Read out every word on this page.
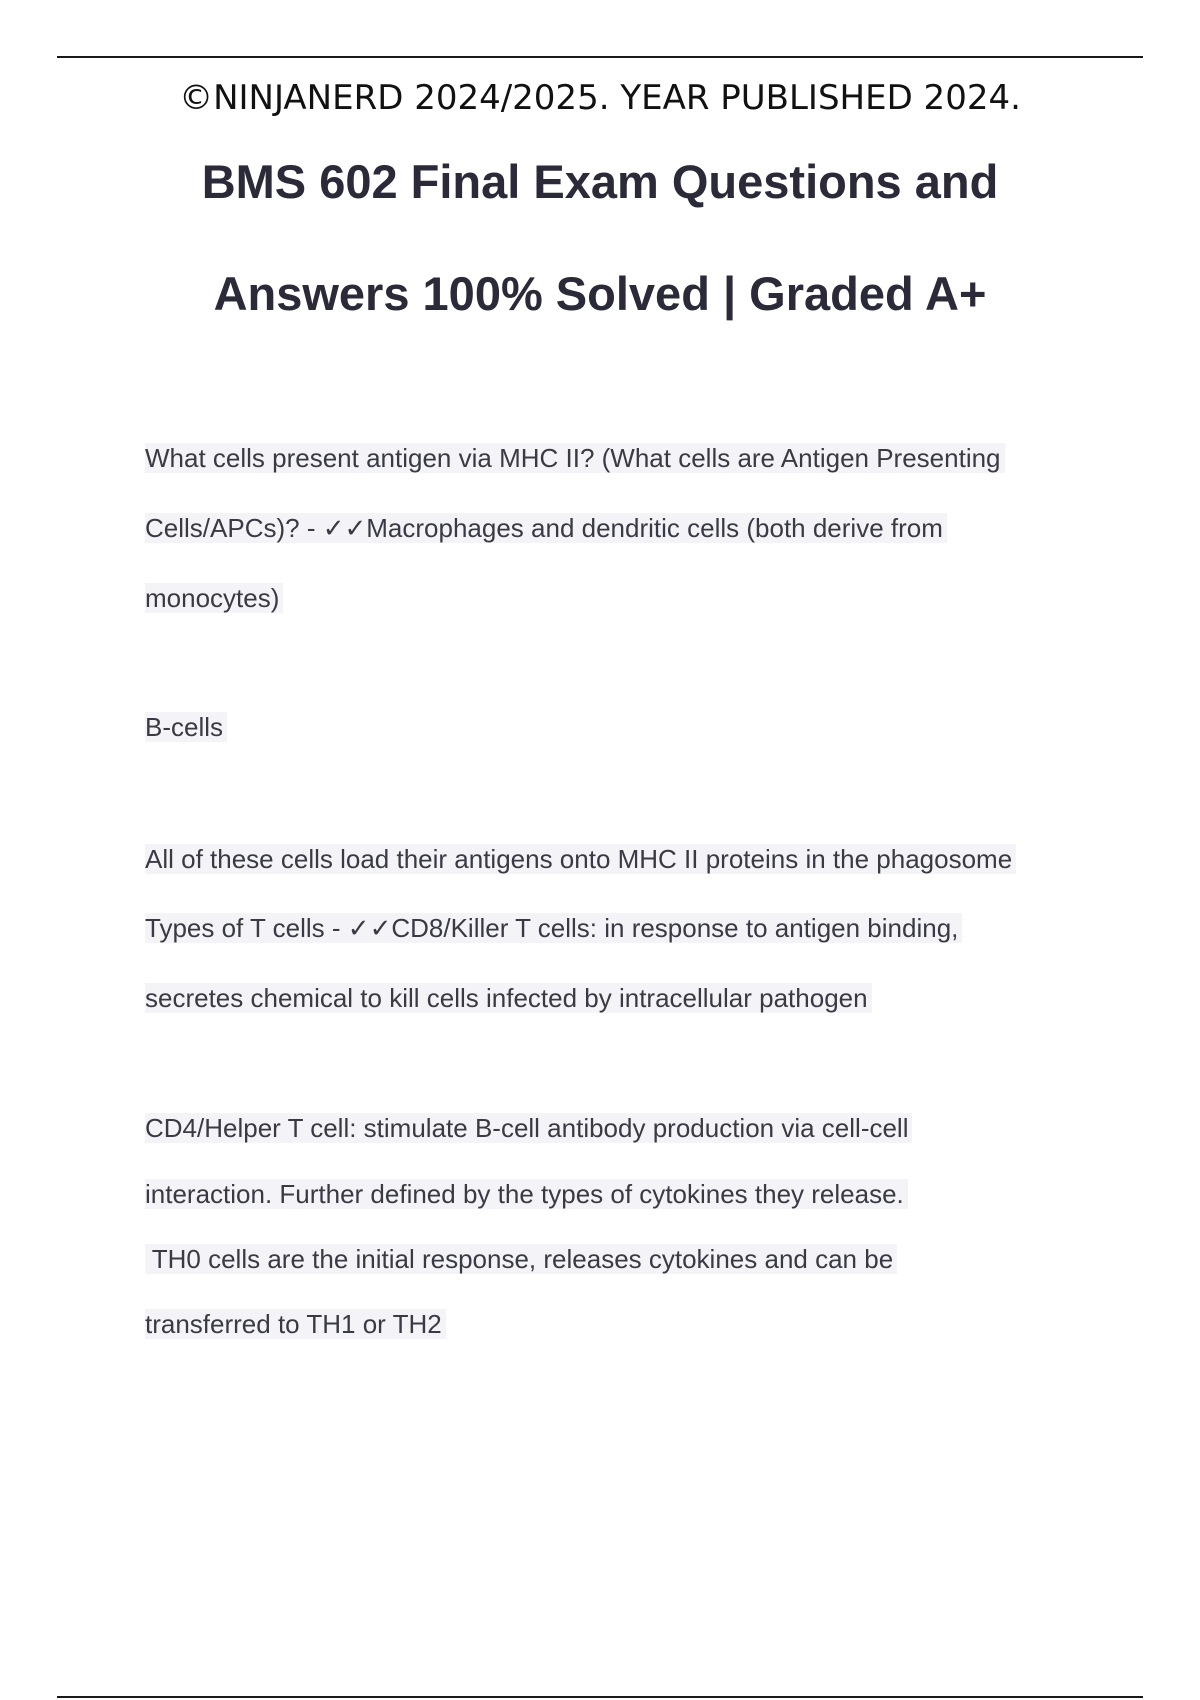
©NINJANERD 2024/2025. YEAR PUBLISHED 2024.
BMS 602 Final Exam Questions and
Answers 100% Solved | Graded A+
What cells present antigen via MHC II? (What cells are Antigen Presenting
Cells/APCs)? - ✓✓Macrophages and dendritic cells (both derive from
monocytes)
B-cells
All of these cells load their antigens onto MHC II proteins in the phagosome
Types of T cells - ✓✓CD8/Killer T cells: in response to antigen binding,
secretes chemical to kill cells infected by intracellular pathogen
CD4/Helper T cell: stimulate B-cell antibody production via cell-cell
interaction. Further defined by the types of cytokines they release.
TH0 cells are the initial response, releases cytokines and can be
transferred to TH1 or TH2
